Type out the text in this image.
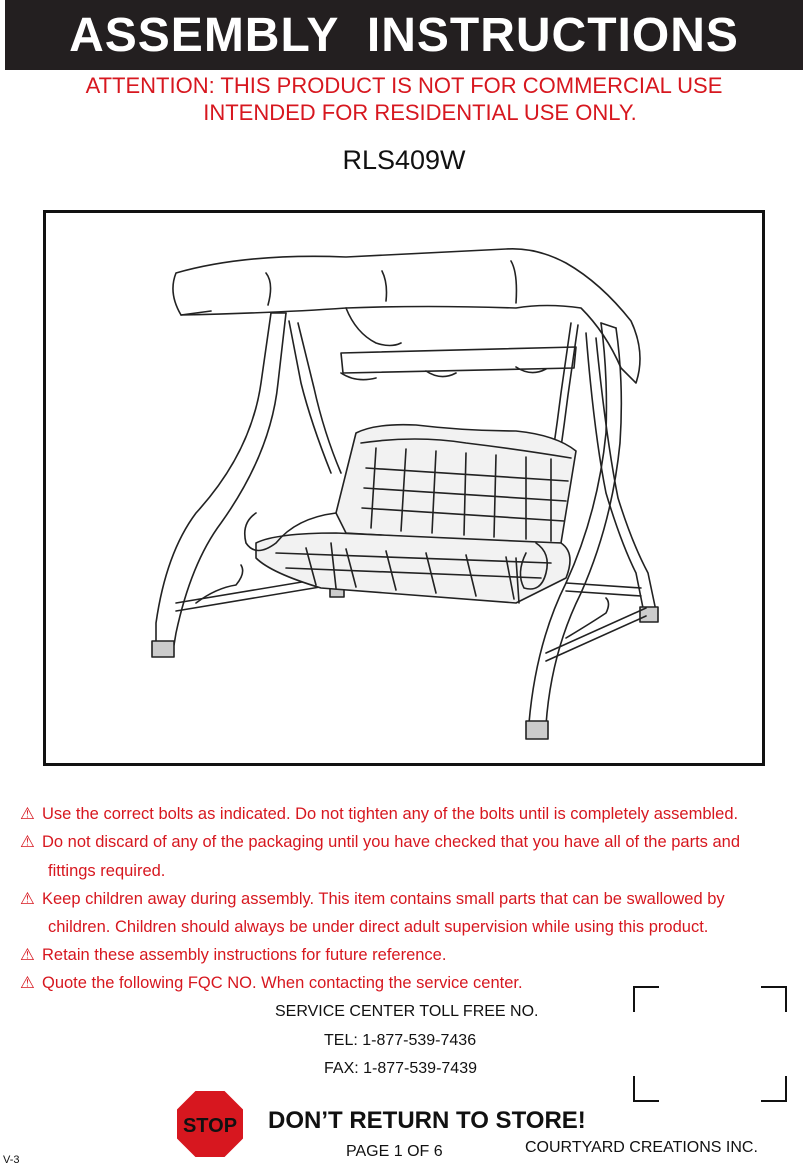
ASSEMBLY INSTRUCTIONS
ATTENTION: THIS PRODUCT IS NOT FOR COMMERCIAL USE
INTENDED FOR RESIDENTIAL USE ONLY.
RLS409W
⚠ Use the correct bolts as indicated. Do not tighten any of the bolts until is completely assembled.
⚠ Do not discard of any of the packaging until you have checked that you have all of the parts and
fittings required.
⚠ Keep children away during assembly. This item contains small parts that can be swallowed by
children. Children should always be under direct adult supervision while using this product.
⚠ Retain these assembly instructions for future reference.
⚠ Quote the following FQC NO. When contacting the service center.
SERVICE CENTER TOLL FREE NO.
TEL: 1-877-539-7436
FAX: 1-877-539-7439
STOP DON’T RETURN TO STORE!
PAGE 1 OF 6	COURTYARD CREATIONS INC.
V-3
